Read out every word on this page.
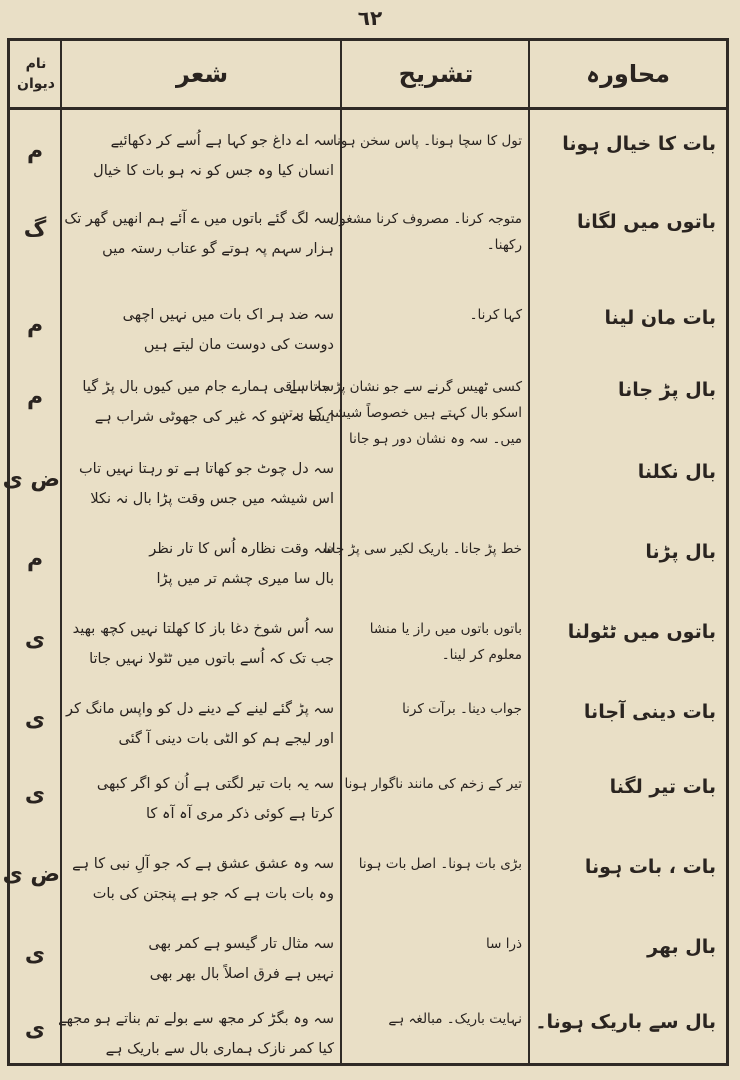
٦٢
محاورہ
تشریح
شعر
نام
دیوان
بات کا خیال ہونا
باتوں میں لگانا
بات مان لینا
بال پڑ جانا
بال نکلنا
بال پڑنا
باتوں میں ٹٹولنا
بات دینی آجانا
بات تیر لگنا
بات ، بات ہونا
بال بھر
بال سے باریک ہونا۔
تول کا سچا ہونا۔ پاس سخن ہونا
متوجہ کرنا۔ مصروف کرنا مشغول
رکھنا۔
کہا کرنا۔
کسی ٹھیس گرنے سے جو نشان پڑ جاتا ہے
اسکو بال کہتے ہیں خصوصاً شیشہ کے برتن
میں۔ سہ وہ نشان دور ہو جانا
خط پڑ جانا۔ باریک لکیر سی پڑ جانا
باتوں باتوں میں راز یا منشا
معلوم کر لینا۔
جواب دینا۔ برآت کرنا
تیر کے زخم کی مانند ناگوار ہونا
بڑی بات ہونا۔ اصل بات ہونا
ذرا سا
نہایت باریک۔ مبالغہ ہے
سہ اے داغ جو کہا ہے اُسے کر دکھائیے
انسان کیا وہ جس کو نہ ہو بات کا خیال
سہ لگ گئے باتوں میں ے آئے ہم انھیں گھر تک
ہزار سہم پہ ہوتے گو عتاب رستہ میں
سہ ضد ہر اک بات میں نہیں اچھی
دوست کی دوست مان لیتے ہیں
سہ ساقی ہمارے جام میں کیوں بال پڑ گیا
ایسا نہ ہو کہ غیر کی جھوٹی شراب ہے
سہ دل چوٹ جو کھاتا ہے تو رہتا نہیں تاب
اس شیشہ میں جس وقت پڑا بال نہ نکلا
سہ وقت نظارہ اُس کا تار نظر
بال سا میری چشم تر میں پڑا
سہ اُس شوخ دغا باز کا کھلتا نہیں کچھ بھید
جب تک کہ اُسے باتوں میں ٹٹولا نہیں جاتا
سہ پڑ گئے لینے کے دینے دل کو واپس مانگ کر
اور لیجے ہم کو الٹی بات دینی آ گئی
سہ یہ بات تیر لگتی ہے اُن کو اگر کبھی
کرتا ہے کوئی ذکر مری آہ آہ کا
سہ وہ عشق عشق ہے کہ جو آلِ نبی کا ہے
وہ بات بات ہے کہ جو ہے پنجتن کی بات
سہ مثال تار گیسو ہے کمر بھی
نہیں ہے فرق اصلاً بال بھر بھی
سہ وہ بگڑ کر مجھ سے بولے تم بناتے ہو مجھے
کیا کمر نازک ہماری بال سے باریک ہے
م
گ
م
م
ض ی
م
ی
ی
ی
ض ی
ی
ی
